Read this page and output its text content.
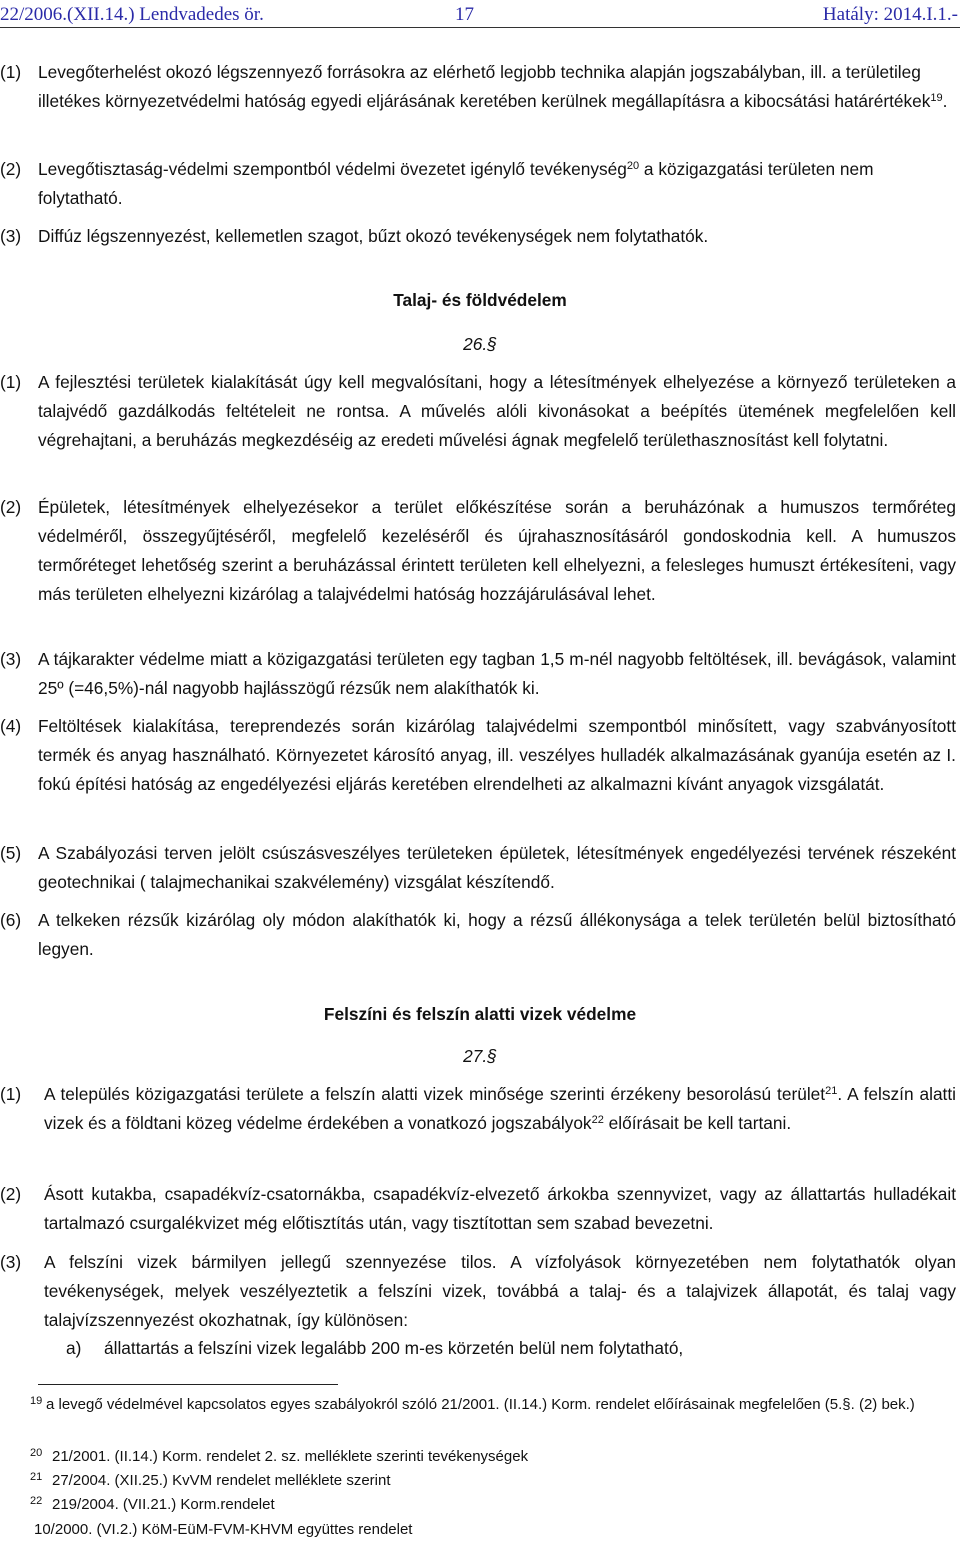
22/2006.(XII.14.) Lendvadedes ör.	17	Hatály: 2014.I.1.-
(1) Levegőterhelést okozó légszennyező forrásokra az elérhető legjobb technika alapján jogszabályban, ill. a területileg illetékes környezetvédelmi hatóság egyedi eljárásának keretében kerülnek megállapításra a kibocsátási határértékek$^{19}$.
(2) Levegőtisztaság-védelmi szempontból védelmi övezetet igénylő tevékenység$^{20}$ a közigazgatási területen nem folytatható.
(3) Diffúz légszennyezést, kellemetlen szagot, bűzt okozó tevékenységek nem folytathatók.
Talaj- és földvédelem
26.§
(1) A fejlesztési területek kialakítását úgy kell megvalósítani, hogy a létesítmények elhelyezése a környező területeken a talajvédő gazdálkodás feltételeit ne rontsa. A művelés alóli kivonásokat a beépítés ütemének megfelelően kell végrehajtani, a beruházás megkezdéséig az eredeti művelési ágnak megfelelő területhasznosítást kell folytatni.
(2) Épületek, létesítmények elhelyezésekor a terület előkészítése során a beruházónak a humuszos termőréteg védelméről, összegyűjtéséről, megfelelő kezeléséről és újrahasznosításáról gondoskodnia kell. A humuszos termőréteget lehetőség szerint a beruházással érintett területen kell elhelyezni, a felesleges humuszt értékesíteni, vagy más területen elhelyezni kizárólag a talajvédelmi hatóság hozzájárulásával lehet.
(3) A tájkarakter védelme miatt a közigazgatási területen egy tagban 1,5 m-nél nagyobb feltöltések, ill. bevágások, valamint 25º (=46,5%)-nál nagyobb hajlásszögű rézsűk nem alakíthatók ki.
(4) Feltöltések kialakítása, tereprendezés során kizárólag talajvédelmi szempontból minősített, vagy szabványosított termék és anyag használható. Környezetet károsító anyag, ill. veszélyes hulladék alkalmazásának gyanúja esetén az I. fokú építési hatóság az engedélyezési eljárás keretében elrendelheti az alkalmazni kívánt anyagok vizsgálatát.
(5) A Szabályozási terven jelölt csúszásveszélyes területeken épületek, létesítmények engedélyezési tervének részeként geotechnikai ( talajmechanikai szakvélemény) vizsgálat készítendő.
(6) A telkeken rézsűk kizárólag oly módon alakíthatók ki, hogy a rézsű állékonysága a telek területén belül biztosítható legyen.
Felszíni és felszín alatti vizek védelme
27.§
(1) A település közigazgatási területe a felszín alatti vizek minősége szerinti érzékeny besorolású terület$^{21}$. A felszín alatti vizek és a földtani közeg védelme érdekében a vonatkozó jogszabályok$^{22}$ előírásait be kell tartani.
(2) Ásott kutakba, csapadékvíz-csatornákba, csapadékvíz-elvezető árkokba szennyvizet, vagy az állattartás hulladékait tartalmazó csurgalékvizet még előtisztítás után, vagy tisztítottan sem szabad bevezetni.
(3) A felszíni vizek bármilyen jellegű szennyezése tilos. A vízfolyások környezetében nem folytathatók olyan tevékenységek, melyek veszélyeztetik a felszíni vizek, továbbá a talaj- és a talajvizek állapotát, és talaj vagy talajvízszennyezést okozhatnak, így különösen:
a) állattartás a felszíni vizek legalább 200 m-es körzetén belül nem folytatható,
19 a levegő védelmével kapcsolatos egyes szabályokról szóló 21/2001. (II.14.) Korm. rendelet előírásainak megfelelően (5.§. (2) bek.)
20 21/2001. (II.14.) Korm. rendelet 2. sz. melléklete szerinti tevékenységek
21 27/2004. (XII.25.) KvVM rendelet melléklete szerint
22 219/2004. (VII.21.) Korm.rendelet
10/2000. (VI.2.) KöM-EüM-FVM-KHVM együttes rendelet
